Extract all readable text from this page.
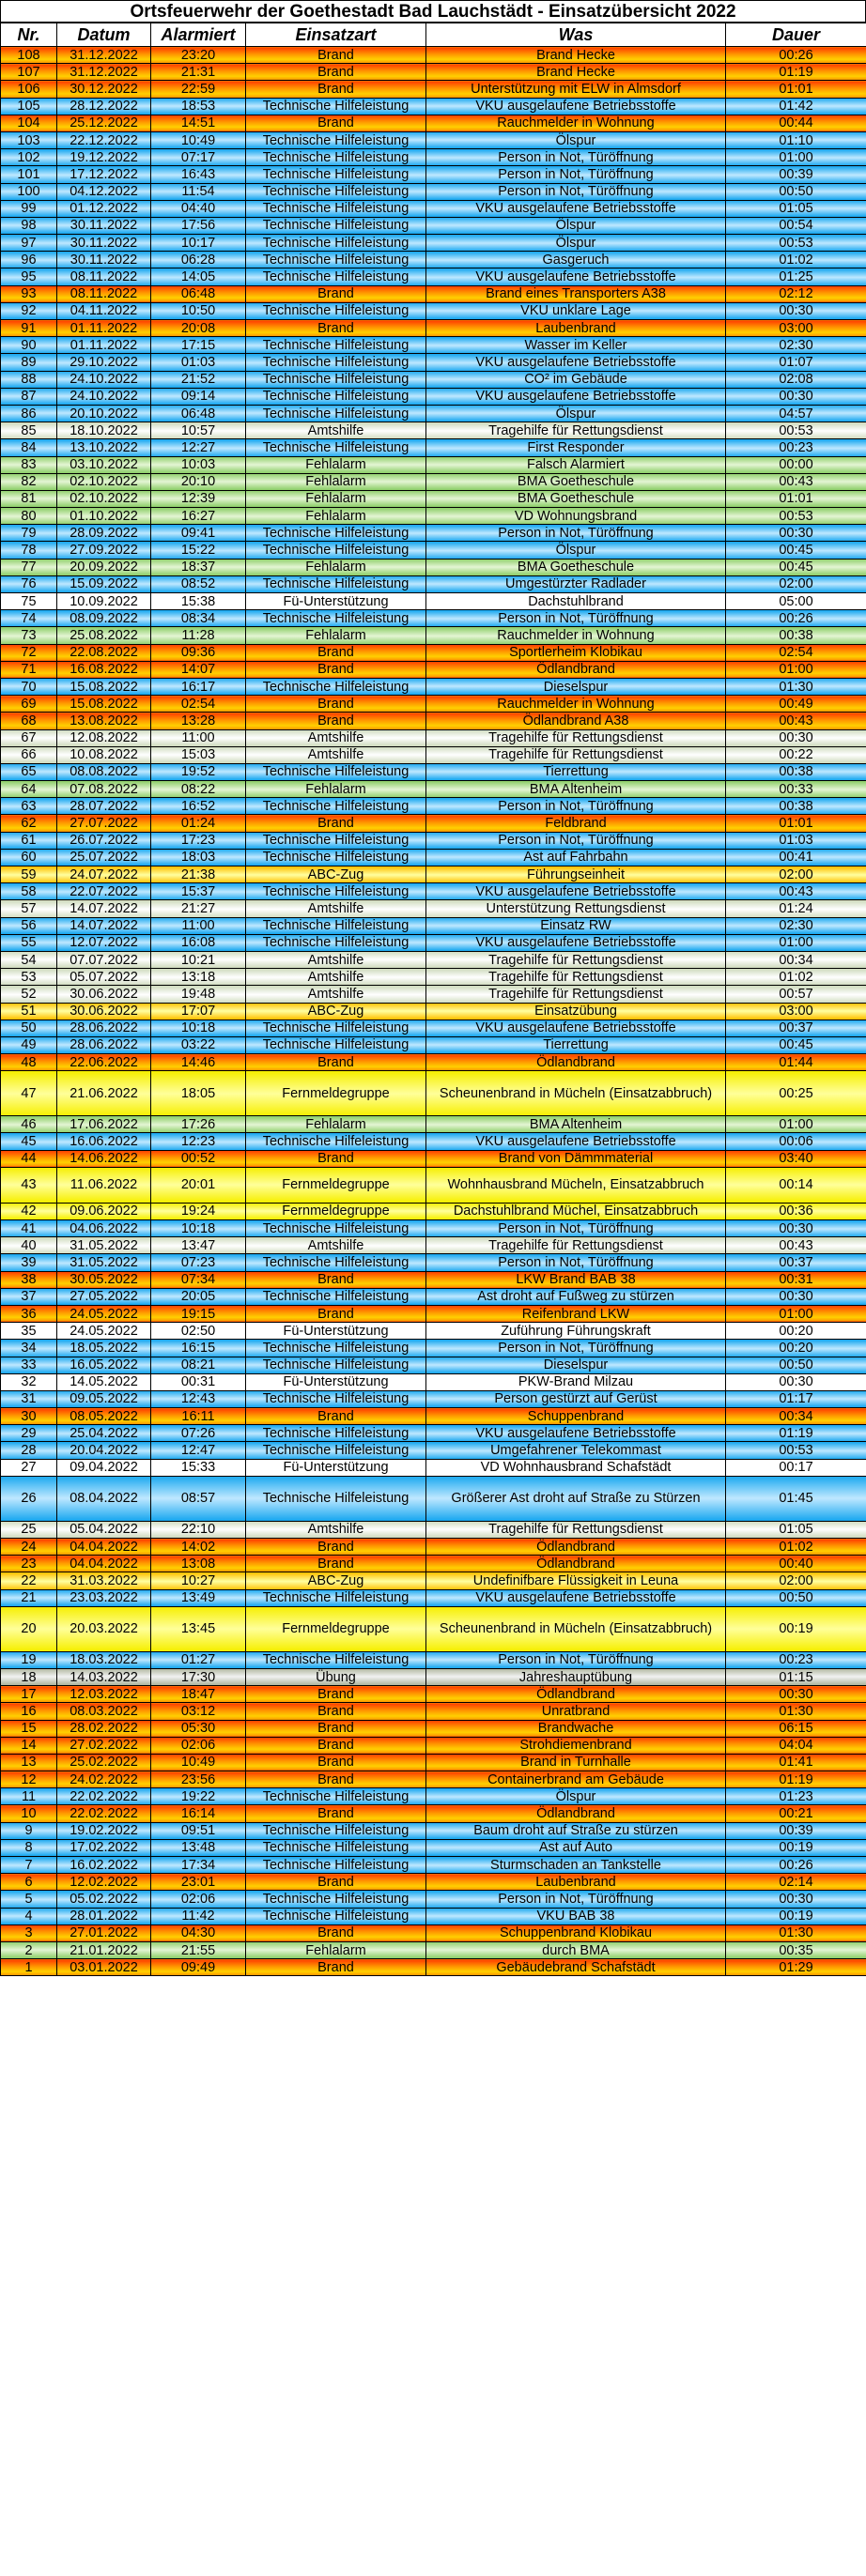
Ortsfeuerwehr der Goethestadt Bad Lauchstädt - Einsatzübersicht 2022
Nr.	Datum	Alarmiert	Einsatzart	Was	Dauer
108	31.12.2022	23:20	Brand	Brand Hecke	00:26
107	31.12.2022	21:31	Brand	Brand Hecke	01:19
106	30.12.2022	22:59	Brand	Unterstützung mit ELW in Almsdorf	01:01
105	28.12.2022	18:53	Technische Hilfeleistung	VKU ausgelaufene Betriebsstoffe	01:42
104	25.12.2022	14:51	Brand	Rauchmelder in Wohnung	00:44
103	22.12.2022	10:49	Technische Hilfeleistung	Ölspur	01:10
102	19.12.2022	07:17	Technische Hilfeleistung	Person in Not, Türöffnung	01:00
101	17.12.2022	16:43	Technische Hilfeleistung	Person in Not, Türöffnung	00:39
100	04.12.2022	11:54	Technische Hilfeleistung	Person in Not, Türöffnung	00:50
99	01.12.2022	04:40	Technische Hilfeleistung	VKU ausgelaufene Betriebsstoffe	01:05
98	30.11.2022	17:56	Technische Hilfeleistung	Ölspur	00:54
97	30.11.2022	10:17	Technische Hilfeleistung	Ölspur	00:53
96	30.11.2022	06:28	Technische Hilfeleistung	Gasgeruch	01:02
95	08.11.2022	14:05	Technische Hilfeleistung	VKU ausgelaufene Betriebsstoffe	01:25
93	08.11.2022	06:48	Brand	Brand eines Transporters A38	02:12
92	04.11.2022	10:50	Technische Hilfeleistung	VKU unklare Lage	00:30
91	01.11.2022	20:08	Brand	Laubenbrand	03:00
90	01.11.2022	17:15	Technische Hilfeleistung	Wasser im Keller	02:30
89	29.10.2022	01:03	Technische Hilfeleistung	VKU ausgelaufene Betriebsstoffe	01:07
88	24.10.2022	21:52	Technische Hilfeleistung	CO² im Gebäude	02:08
87	24.10.2022	09:14	Technische Hilfeleistung	VKU ausgelaufene Betriebsstoffe	00:30
86	20.10.2022	06:48	Technische Hilfeleistung	Ölspur	04:57
85	18.10.2022	10:57	Amtshilfe	Tragehilfe für Rettungsdienst	00:53
84	13.10.2022	12:27	Technische Hilfeleistung	First Responder	00:23
83	03.10.2022	10:03	Fehlalarm	Falsch Alarmiert	00:00
82	02.10.2022	20:10	Fehlalarm	BMA Goetheschule	00:43
81	02.10.2022	12:39	Fehlalarm	BMA Goetheschule	01:01
80	01.10.2022	16:27	Fehlalarm	VD Wohnungsbrand	00:53
79	28.09.2022	09:41	Technische Hilfeleistung	Person in Not, Türöffnung	00:30
78	27.09.2022	15:22	Technische Hilfeleistung	Ölspur	00:45
77	20.09.2022	18:37	Fehlalarm	BMA Goetheschule	00:45
76	15.09.2022	08:52	Technische Hilfeleistung	Umgestürzter Radlader	02:00
75	10.09.2022	15:38	Fü-Unterstützung	Dachstuhlbrand	05:00
74	08.09.2022	08:34	Technische Hilfeleistung	Person in Not, Türöffnung	00:26
73	25.08.2022	11:28	Fehlalarm	Rauchmelder in Wohnung	00:38
72	22.08.2022	09:36	Brand	Sportlerheim Klobikau	02:54
71	16.08.2022	14:07	Brand	Ödlandbrand	01:00
70	15.08.2022	16:17	Technische Hilfeleistung	Dieselspur	01:30
69	15.08.2022	02:54	Brand	Rauchmelder in Wohnung	00:49
68	13.08.2022	13:28	Brand	Ödlandbrand A38	00:43
67	12.08.2022	11:00	Amtshilfe	Tragehilfe für Rettungsdienst	00:30
66	10.08.2022	15:03	Amtshilfe	Tragehilfe für Rettungsdienst	00:22
65	08.08.2022	19:52	Technische Hilfeleistung	Tierrettung	00:38
64	07.08.2022	08:22	Fehlalarm	BMA Altenheim	00:33
63	28.07.2022	16:52	Technische Hilfeleistung	Person in Not, Türöffnung	00:38
62	27.07.2022	01:24	Brand	Feldbrand	01:01
61	26.07.2022	17:23	Technische Hilfeleistung	Person in Not, Türöffnung	01:03
60	25.07.2022	18:03	Technische Hilfeleistung	Ast auf Fahrbahn	00:41
59	24.07.2022	21:38	ABC-Zug	Führungseinheit	02:00
58	22.07.2022	15:37	Technische Hilfeleistung	VKU ausgelaufene Betriebsstoffe	00:43
57	14.07.2022	21:27	Amtshilfe	Unterstützung Rettungsdienst	01:24
56	14.07.2022	11:00	Technische Hilfeleistung	Einsatz RW	02:30
55	12.07.2022	16:08	Technische Hilfeleistung	VKU ausgelaufene Betriebsstoffe	01:00
54	07.07.2022	10:21	Amtshilfe	Tragehilfe für Rettungsdienst	00:34
53	05.07.2022	13:18	Amtshilfe	Tragehilfe für Rettungsdienst	01:02
52	30.06.2022	19:48	Amtshilfe	Tragehilfe für Rettungsdienst	00:57
51	30.06.2022	17:07	ABC-Zug	Einsatzübung	03:00
50	28.06.2022	10:18	Technische Hilfeleistung	VKU ausgelaufene Betriebsstoffe	00:37
49	28.06.2022	03:22	Technische Hilfeleistung	Tierrettung	00:45
48	22.06.2022	14:46	Brand	Ödlandbrand	01:44
47	21.06.2022	18:05	Fernmeldegruppe	Scheunenbrand in Mücheln (Einsatzabbruch)	00:25
46	17.06.2022	17:26	Fehlalarm	BMA Altenheim	01:00
45	16.06.2022	12:23	Technische Hilfeleistung	VKU ausgelaufene Betriebsstoffe	00:06
44	14.06.2022	00:52	Brand	Brand von Dämmmaterial	03:40
43	11.06.2022	20:01	Fernmeldegruppe	Wohnhausbrand Mücheln, Einsatzabbruch	00:14
42	09.06.2022	19:24	Fernmeldegruppe	Dachstuhlbrand Müchel, Einsatzabbruch	00:36
41	04.06.2022	10:18	Technische Hilfeleistung	Person in Not, Türöffnung	00:30
40	31.05.2022	13:47	Amtshilfe	Tragehilfe für Rettungsdienst	00:43
39	31.05.2022	07:23	Technische Hilfeleistung	Person in Not, Türöffnung	00:37
38	30.05.2022	07:34	Brand	LKW Brand BAB 38	00:31
37	27.05.2022	20:05	Technische Hilfeleistung	Ast droht auf Fußweg zu stürzen	00:30
36	24.05.2022	19:15	Brand	Reifenbrand LKW	01:00
35	24.05.2022	02:50	Fü-Unterstützung	Zuführung Führungskraft	00:20
34	18.05.2022	16:15	Technische Hilfeleistung	Person in Not, Türöffnung	00:20
33	16.05.2022	08:21	Technische Hilfeleistung	Dieselspur	00:50
32	14.05.2022	00:31	Fü-Unterstützung	PKW-Brand Milzau	00:30
31	09.05.2022	12:43	Technische Hilfeleistung	Person gestürzt auf Gerüst	01:17
30	08.05.2022	16:11	Brand	Schuppenbrand	00:34
29	25.04.2022	07:26	Technische Hilfeleistung	VKU ausgelaufene Betriebsstoffe	01:19
28	20.04.2022	12:47	Technische Hilfeleistung	Umgefahrener Telekommast	00:53
27	09.04.2022	15:33	Fü-Unterstützung	VD Wohnhausbrand Schafstädt	00:17
26	08.04.2022	08:57	Technische Hilfeleistung	Größerer Ast droht auf Straße zu Stürzen	01:45
25	05.04.2022	22:10	Amtshilfe	Tragehilfe für Rettungsdienst	01:05
24	04.04.2022	14:02	Brand	Ödlandbrand	01:02
23	04.04.2022	13:08	Brand	Ödlandbrand	00:40
22	31.03.2022	10:27	ABC-Zug	Undefinifbare Flüssigkeit in Leuna	02:00
21	23.03.2022	13:49	Technische Hilfeleistung	VKU ausgelaufene Betriebsstoffe	00:50
20	20.03.2022	13:45	Fernmeldegruppe	Scheunenbrand in Mücheln (Einsatzabbruch)	00:19
19	18.03.2022	01:27	Technische Hilfeleistung	Person in Not, Türöffnung	00:23
18	14.03.2022	17:30	Übung	Jahreshauptübung	01:15
17	12.03.2022	18:47	Brand	Ödlandbrand	00:30
16	08.03.2022	03:12	Brand	Unratbrand	01:30
15	28.02.2022	05:30	Brand	Brandwache	06:15
14	27.02.2022	02:06	Brand	Strohdiemenbrand	04:04
13	25.02.2022	10:49	Brand	Brand in Turnhalle	01:41
12	24.02.2022	23:56	Brand	Containerbrand am Gebäude	01:19
11	22.02.2022	19:22	Technische Hilfeleistung	Ölspur	01:23
10	22.02.2022	16:14	Brand	Ödlandbrand	00:21
9	19.02.2022	09:51	Technische Hilfeleistung	Baum droht auf Straße zu stürzen	00:39
8	17.02.2022	13:48	Technische Hilfeleistung	Ast auf Auto	00:19
7	16.02.2022	17:34	Technische Hilfeleistung	Sturmschaden an Tankstelle	00:26
6	12.02.2022	23:01	Brand	Laubenbrand	02:14
5	05.02.2022	02:06	Technische Hilfeleistung	Person in Not, Türöffnung	00:30
4	28.01.2022	11:42	Technische Hilfeleistung	VKU BAB 38	00:19
3	27.01.2022	04:30	Brand	Schuppenbrand Klobikau	01:30
2	21.01.2022	21:55	Fehlalarm	durch BMA	00:35
1	03.01.2022	09:49	Brand	Gebäudebrand Schafstädt	01:29
